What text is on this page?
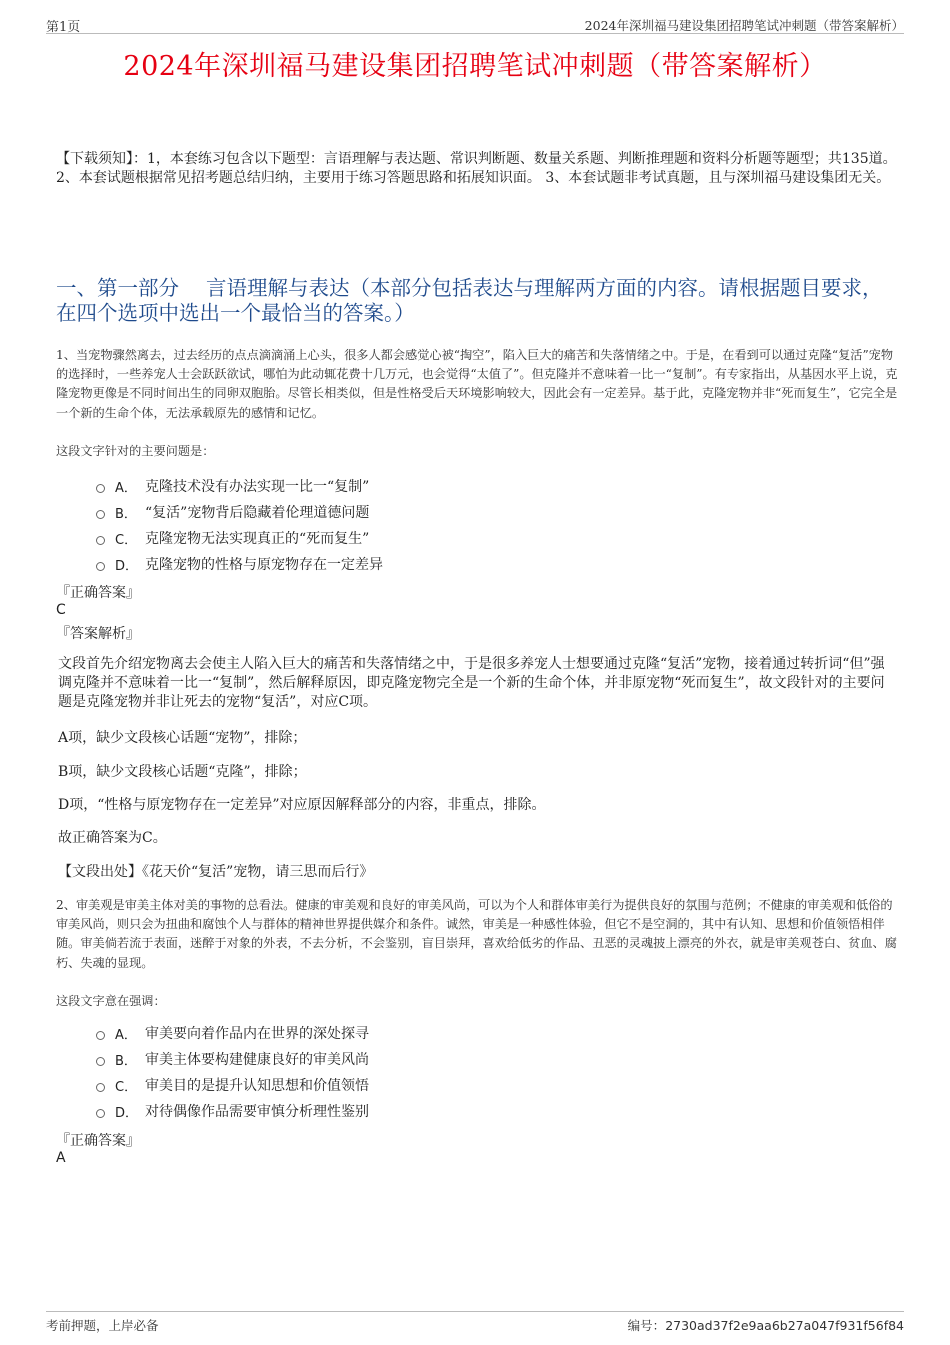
第1页	2024年深圳福马建设集团招聘笔试冲刺题（带答案解析）
2024年深圳福马建设集团招聘笔试冲刺题（带答案解析）
【下载须知】：1，本套练习包含以下题型：言语理解与表达题、常识判断题、数量关系题、判断推理题和资料分析题等题型；共135道。 2、本套试题根据常见招考题总结归纳，主要用于练习答题思路和拓展知识面。 3、本套试题非考试真题，且与深圳福马建设集团无关。
一、第一部分　 言语理解与表达（本部分包括表达与理解两方面的内容。请根据题目要求，在四个选项中选出一个最恰当的答案。）
1、当宠物骤然离去，过去经历的点点滴滴涌上心头，很多人都会感觉心被“掏空”，陷入巨大的痛苦和失落情绪之中。于是，在看到可以通过克隆“复活”宠物的选择时，一些养宠人士会跃跃欲试，哪怕为此动辄花费十几万元，也会觉得“太值了”。但克隆并不意味着一比一“复制”。有专家指出，从基因水平上说，克隆宠物更像是不同时间出生的同卵双胞胎。尽管长相类似，但是性格受后天环境影响较大，因此会有一定差异。基于此，克隆宠物并非“死而复生”，它完全是一个新的生命个体，无法承载原先的感情和记忆。
这段文字针对的主要问题是：
A． 克隆技术没有办法实现一比一“复制”
B． “复活”宠物背后隐藏着伦理道德问题
C． 克隆宠物无法实现真正的“死而复生”
D． 克隆宠物的性格与原宠物存在一定差异
『正确答案』
C
『答案解析』
文段首先介绍宠物离去会使主人陷入巨大的痛苦和失落情绪之中，于是很多养宠人士想要通过克隆“复活”宠物，接着通过转折词“但”强调克隆并不意味着一比一“复制”，然后解释原因，即克隆宠物完全是一个新的生命个体，并非原宠物“死而复生”，故文段针对的主要问题是克隆宠物并非让死去的宠物“复活”，对应C项。
A项，缺少文段核心话题“宠物”，排除；
B项，缺少文段核心话题“克隆”，排除；
D项，“性格与原宠物存在一定差异”对应原因解释部分的内容，非重点，排除。
故正确答案为C。
【文段出处】《花天价“复活”宠物，请三思而后行》
2、审美观是审美主体对美的事物的总看法。健康的审美观和良好的审美风尚，可以为个人和群体审美行为提供良好的氛围与范例；不健康的审美观和低俗的审美风尚，则只会为扭曲和腐蚀个人与群体的精神世界提供媒介和条件。诚然，审美是一种感性体验，但它不是空洞的，其中有认知、思想和价值领悟相伴随。审美倘若流于表面，迷醉于对象的外表，不去分析，不会鉴别，盲目崇拜，喜欢给低劣的作品、丑恶的灵魂披上漂亮的外衣，就是审美观苍白、贫血、腐朽、失魂的显现。
这段文字意在强调：
A． 审美要向着作品内在世界的深处探寻
B． 审美主体要构建健康良好的审美风尚
C． 审美目的是提升认知思想和价值领悟
D． 对待偶像作品需要审慎分析理性鉴别
『正确答案』
A
考前押题，上岸必备	编号：2730ad37f2e9aa6b27a047f931f56f84
